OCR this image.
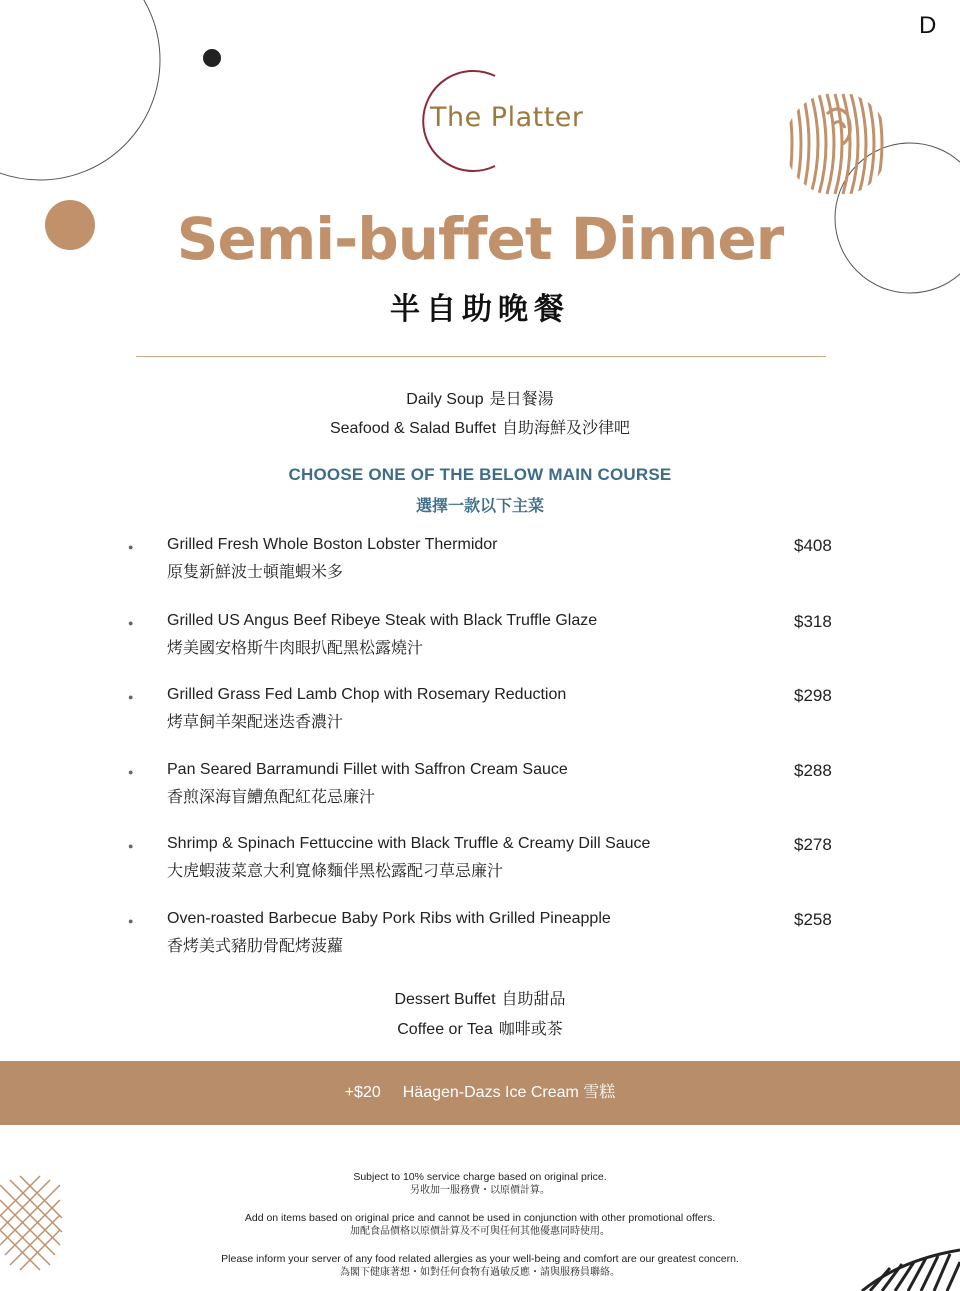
D
The Platter
Semi-buffet Dinner
半自助晚餐
Daily Soup 是日餐湯
Seafood & Salad Buffet 自助海鮮及沙律吧
CHOOSE ONE OF THE BELOW MAIN COURSE
選擇一款以下主菜
● Grilled Fresh Whole Boston Lobster Thermidor
原隻新鮮波士頓龍蝦米多
$408
● Grilled US Angus Beef Ribeye Steak with Black Truffle Glaze
烤美國安格斯牛肉眼扒配黑松露燒汁
$318
● Grilled Grass Fed Lamb Chop with Rosemary Reduction
烤草飼羊架配迷迭香濃汁
$298
● Pan Seared Barramundi Fillet with Saffron Cream Sauce
香煎深海盲鰽魚配紅花忌廉汁
$288
● Shrimp & Spinach Fettuccine with Black Truffle & Creamy Dill Sauce
大虎蝦菠菜意大利寬條麵伴黑松露配刁草忌廉汁
$278
● Oven-roasted Barbecue Baby Pork Ribs with Grilled Pineapple
香烤美式豬肋骨配烤菠蘿
$258
Dessert Buffet 自助甜品
Coffee or Tea 咖啡或茶
+$20 Häagen-Dazs Ice Cream 雪糕
Subject to 10% service charge based on original price.
另收加一服務費・以原價計算。
Add on items based on original price and cannot be used in conjunction with other promotional offers.
加配食品價格以原價計算及不可與任何其他優惠同時使用。
Please inform your server of any food related allergies as your well-being and comfort are our greatest concern.
為閣下健康著想・如對任何食物有過敏反應・請與服務員聯絡。
